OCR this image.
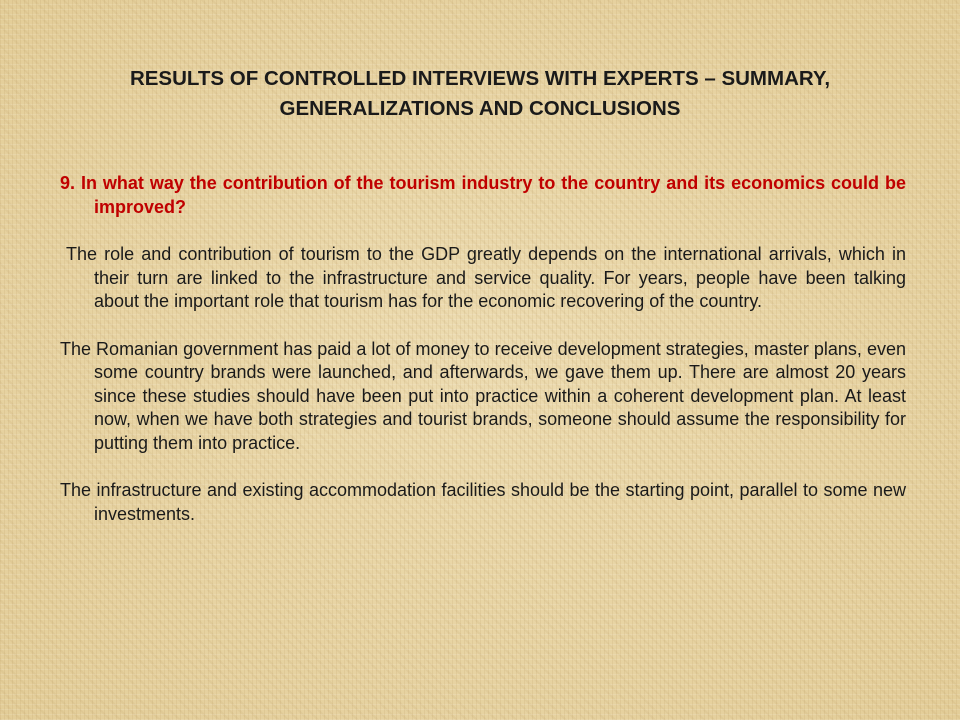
RESULTS OF CONTROLLED INTERVIEWS WITH EXPERTS – SUMMARY, GENERALIZATIONS AND CONCLUSIONS

9. In what way the contribution of the tourism industry to the country and its economics could be improved?

The role and contribution of tourism to the GDP greatly depends on the international arrivals, which in their turn are linked to the infrastructure and service quality. For years, people have been talking about the important role that tourism has for the economic recovering of the country.

The Romanian government has paid a lot of money to receive development strategies, master plans, even some country brands were launched, and afterwards, we gave them up. There are almost 20 years since these studies should have been put into practice within a coherent development plan. At least now, when we have both strategies and tourist brands, someone should assume the responsibility for putting them into practice.

The infrastructure and existing accommodation facilities should be the starting point, parallel to some new investments.
